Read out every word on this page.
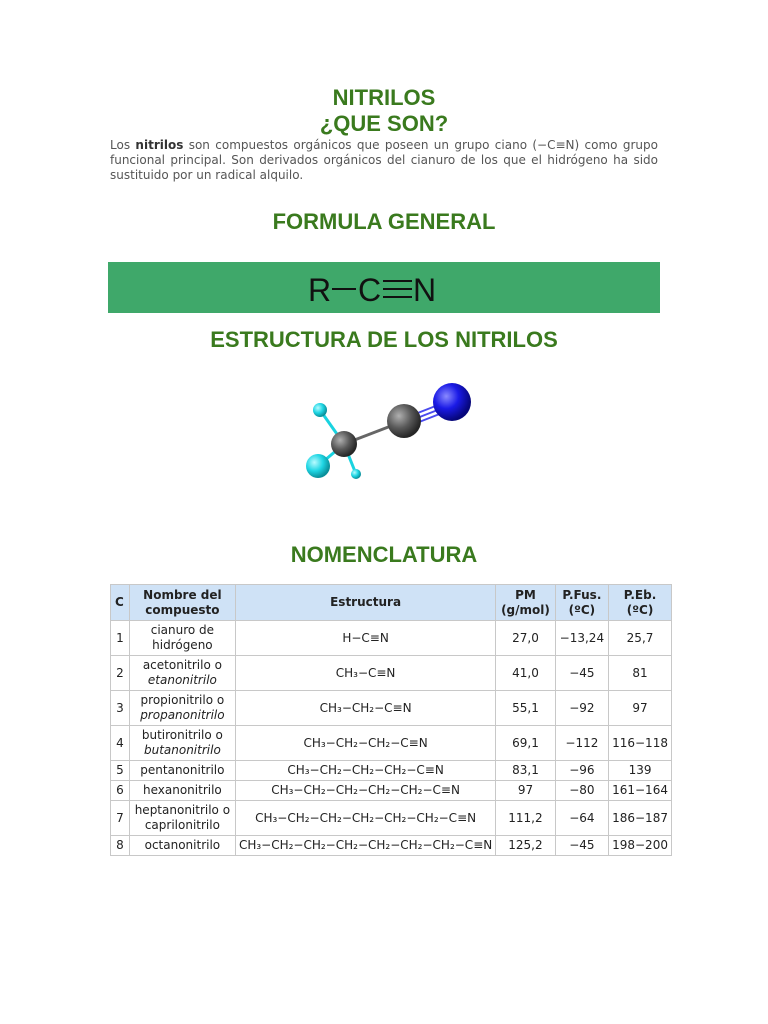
NITRILOS
¿QUE SON?

Los nitrilos son compuestos orgánicos que poseen un grupo ciano (−C≡N) como grupo funcional principal. Son derivados orgánicos del cianuro de los que el hidrógeno ha sido sustituido por un radical alquilo.

FORMULA GENERAL
R C N
ESTRUCTURA DE LOS NITRILOS
NOMENCLATURA
C	Nombre del compuesto	Estructura	PM (g/mol)	P.Fus. (ºC)	P.Eb. (ºC)
1	cianuro de hidrógeno	H−C≡N	27,0	−13,24	25,7
2	acetonitrilo o etanonitrilo	CH₃−C≡N	41,0	−45	81
3	propionitrilo o propanonitrilo	CH₃−CH₂−C≡N	55,1	−92	97
4	butironitrilo o butanonitrilo	CH₃−CH₂−CH₂−C≡N	69,1	−112	116−118
5	pentanonitrilo	CH₃−CH₂−CH₂−CH₂−C≡N	83,1	−96	139
6	hexanonitrilo	CH₃−CH₂−CH₂−CH₂−CH₂−C≡N	97	−80	161−164
7	heptanonitrilo o caprilonitrilo	CH₃−CH₂−CH₂−CH₂−CH₂−CH₂−C≡N	111,2	−64	186−187
8	octanonitrilo	CH₃−CH₂−CH₂−CH₂−CH₂−CH₂−CH₂−C≡N	125,2	−45	198−200
